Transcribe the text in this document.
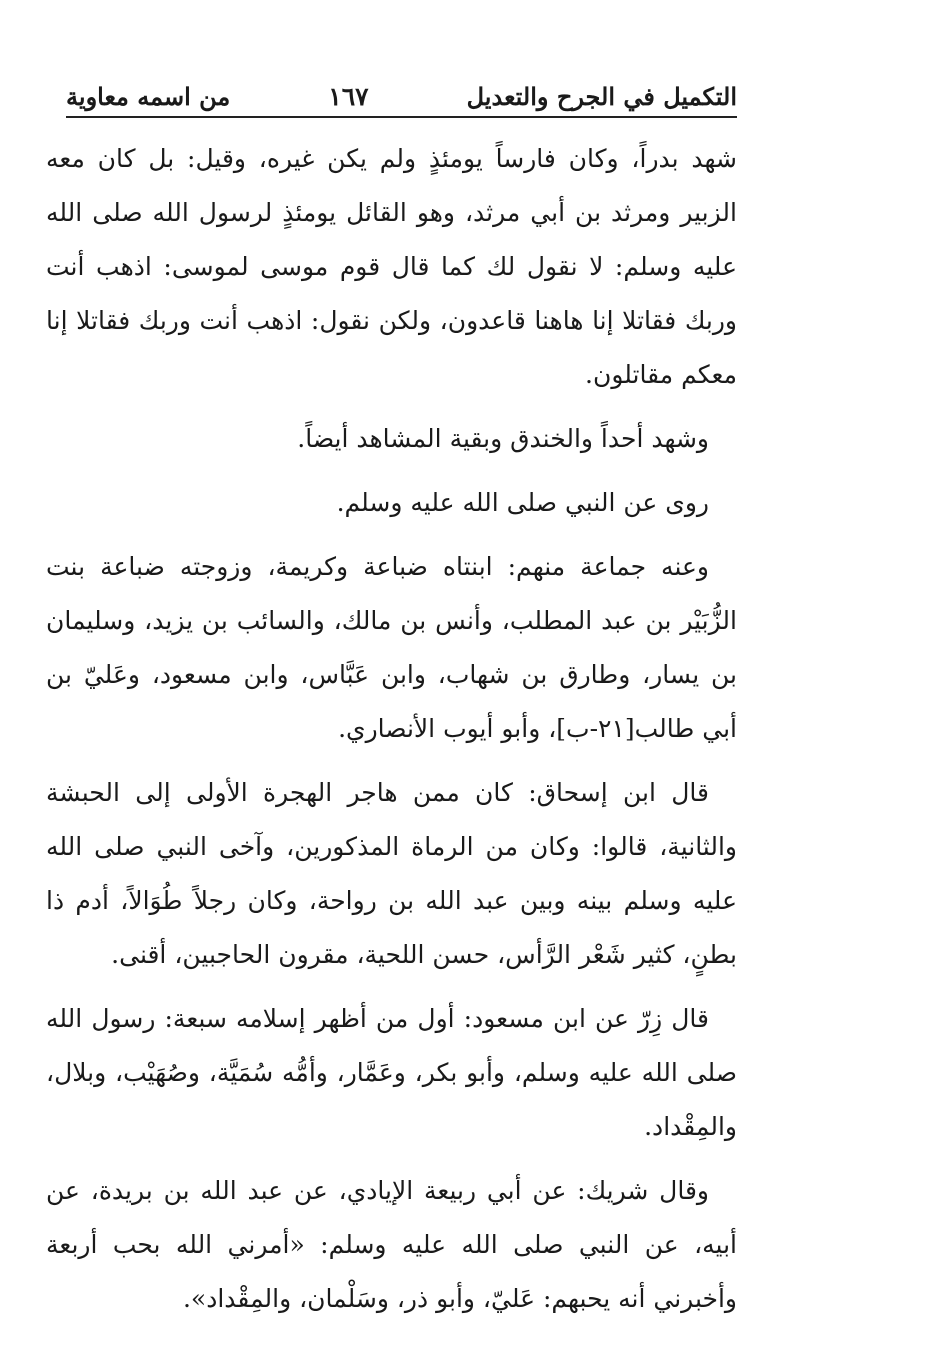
التكميل في الجرح والتعديل
١٦٧
من اسمه معاوية

شهد بدراً، وكان فارساً يومئذٍ ولم يكن غيره، وقيل: بل كان معه الزبير ومرثد بن أبي مرثد، وهو القائل يومئذٍ لرسول الله صلى الله عليه وسلم: لا نقول لك كما قال قوم موسى لموسى: اذهب أنت وربك فقاتلا إنا هاهنا قاعدون، ولكن نقول: اذهب أنت وربك فقاتلا إنا معكم مقاتلون.

وشهد أحداً والخندق وبقية المشاهد أيضاً.

روى عن النبي صلى الله عليه وسلم.

وعنه جماعة منهم: ابنتاه ضباعة وكريمة، وزوجته ضباعة بنت الزُّبَيْر بن عبد المطلب، وأنس بن مالك، والسائب بن يزيد، وسليمان بن يسار، وطارق بن شهاب، وابن عَبَّاس، وابن مسعود، وعَليّ بن أبي طالب[٢١-ب]، وأبو أيوب الأنصاري.

قال ابن إسحاق: كان ممن هاجر الهجرة الأولى إلى الحبشة والثانية، قالوا: وكان من الرماة المذكورين، وآخى النبي صلى الله عليه وسلم بينه وبين عبد الله بن رواحة، وكان رجلاً طُوَالاً، أدم ذا بطنٍ، كثير شَعْر الرَّأس، حسن اللحية، مقرون الحاجبين، أقنى.

قال زِرّ عن ابن مسعود: أول من أظهر إسلامه سبعة: رسول الله صلى الله عليه وسلم، وأبو بكر، وعَمَّار، وأمُّه سُمَيَّة، وصُهَيْب، وبلال، والمِقْداد.

وقال شريك: عن أبي ربيعة الإيادي، عن عبد الله بن بريدة، عن أبيه، عن النبي صلى الله عليه وسلم: «أمرني الله بحب أربعة وأخبرني أنه يحبهم: عَليّ، وأبو ذر، وسَلْمان، والمِقْداد».
